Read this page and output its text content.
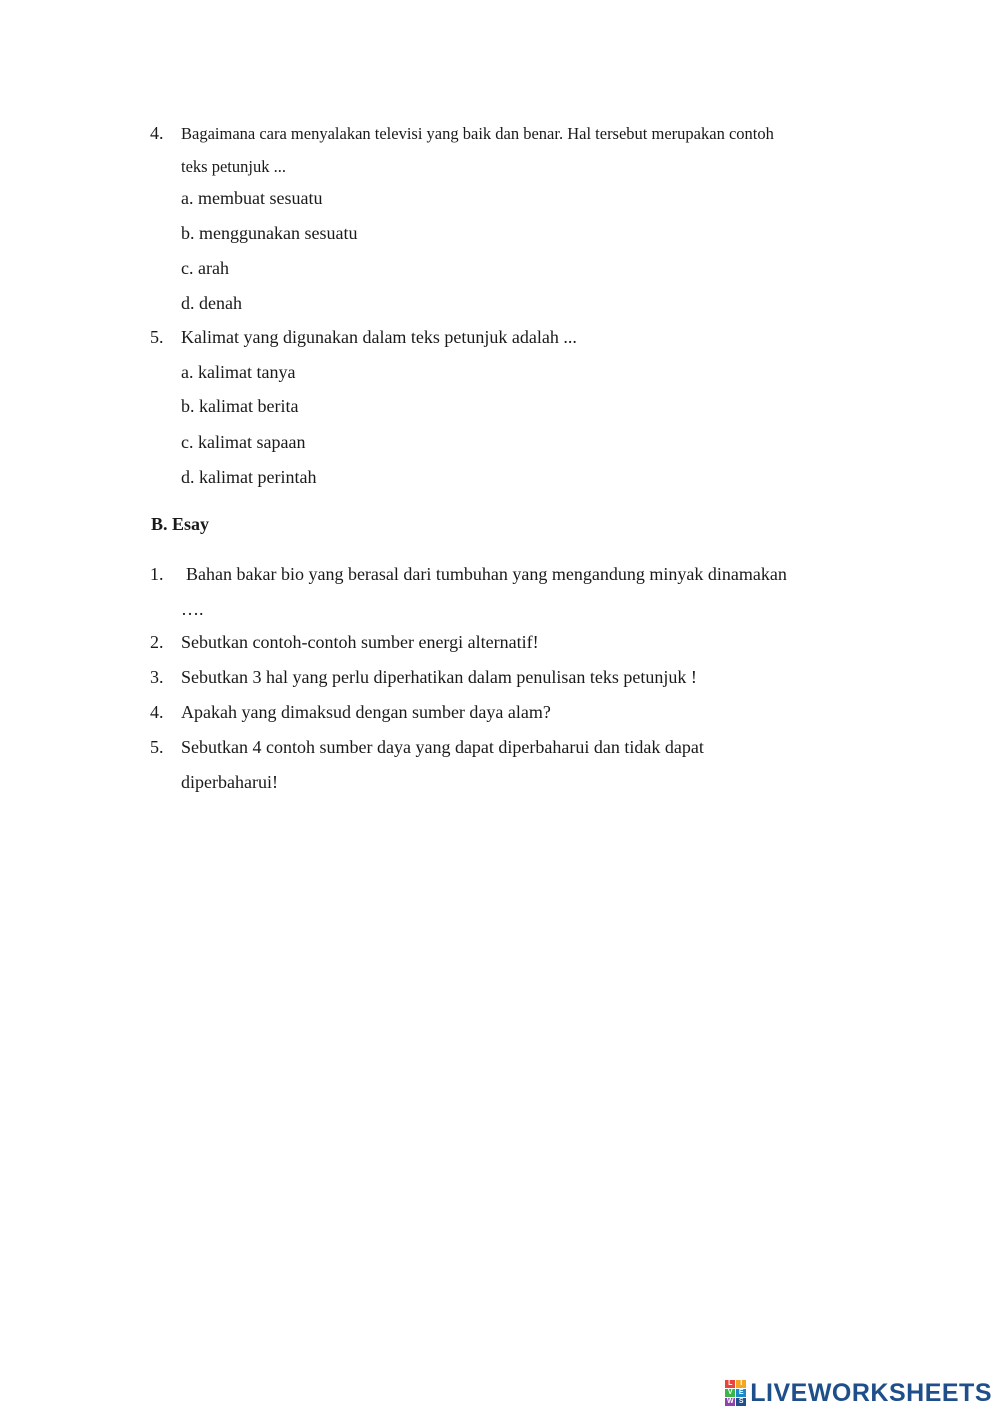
4. Bagaimana cara menyalakan televisi yang baik dan benar. Hal tersebut merupakan contoh
teks petunjuk ...
a. membuat sesuatu
b. menggunakan sesuatu
c. arah
d. denah
5. Kalimat yang digunakan dalam teks petunjuk adalah ...
a. kalimat tanya
b. kalimat berita
c. kalimat sapaan
d. kalimat perintah
B. Esay
1. Bahan bakar bio yang berasal dari tumbuhan yang mengandung minyak dinamakan
….
2. Sebutkan contoh-contoh sumber energi alternatif!
3. Sebutkan 3 hal yang perlu diperhatikan dalam penulisan teks petunjuk !
4. Apakah yang dimaksud dengan sumber daya alam?
5. Sebutkan 4 contoh sumber daya yang dapat diperbaharui dan tidak dapat
diperbaharui!
L	I
V E
W S LIVEWORKSHEETS
